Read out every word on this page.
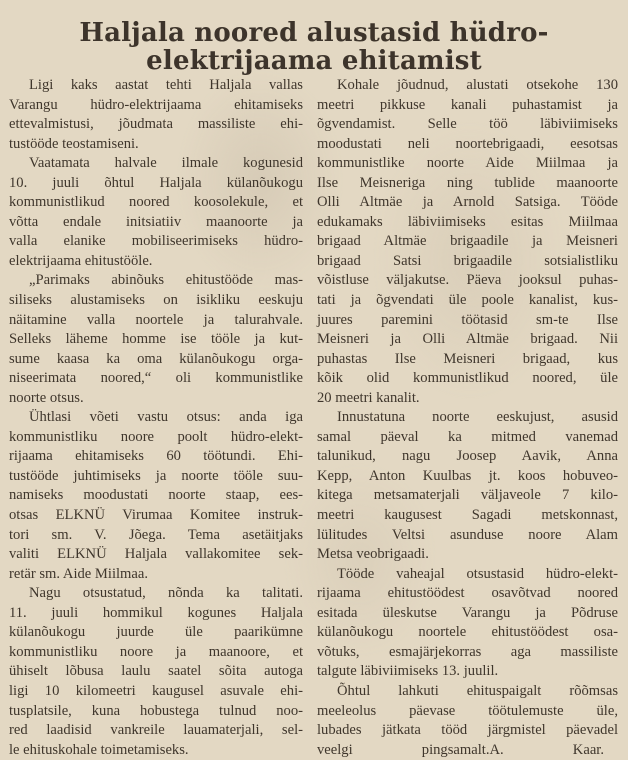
Haljala noored alustasid hüdro-
elektrijaama ehitamist

Ligi kaks aastat tehti Haljala vallas
Varangu hüdro-elektrijaama ehitamiseks
ettevalmistusi, jõudmata massiliste ehi-
tustööde teostamiseni.

Vaatamata halvale ilmale kogunesid
10. juuli õhtul Haljala külanõukogu
kommunistlikud noored koosolekule, et
võtta endale initsiatiiv maanoorte ja
valla elanike mobiliseerimiseks hüdro-
elektrijaama ehitustööle.

„Parimaks abinõuks ehitustööde mas-
siliseks alustamiseks on isikliku eeskuju
näitamine valla noortele ja talurahvale.
Selleks läheme homme ise tööle ja kut-
sume kaasa ka oma külanõukogu orga-
niseerimata noored,“ oli kommunistlike
noorte otsus.

Ühtlasi võeti vastu otsus: anda iga
kommunistliku noore poolt hüdro-elekt-
rijaama ehitamiseks 60 töötundi. Ehi-
tustööde juhtimiseks ja noorte tööle suu-
namiseks moodustati noorte staap, ees-
otsas ELKNÜ Virumaa Komitee instruk-
tori sm. V. Jõega. Tema asetäitjaks
valiti ELKNÜ Haljala vallakomitee sek-
retär sm. Aide Miilmaa.

Nagu otsustatud, nõnda ka talitati.
11. juuli hommikul kogunes Haljala
külanõukogu juurde üle paarikümne
kommunistliku noore ja maanoore, et
ühiselt lõbusa laulu saatel sõita autoga
ligi 10 kilomeetri kaugusel asuvale ehi-
tusplatsile, kuna hobustega tulnud noo-
red laadisid vankreile lauamaterjali, sel-
le ehituskohale toimetamiseks.

Kohale jõudnud, alustati otsekohe 130
meetri pikkuse kanali puhastamist ja
õgvendamist. Selle töö läbiviimiseks
moodustati neli noortebrigaadi, eesotsas
kommunistlike noorte Aide Miilmaa ja
Ilse Meisneriga ning tublide maanoorte
Olli Altmäe ja Arnold Satsiga. Tööde
edukamaks läbiviimiseks esitas Miilmaa
brigaad Altmäe brigaadile ja Meisneri
brigaad Satsi brigaadile sotsialistliku
võistluse väljakutse. Päeva jooksul puhas-
tati ja õgvendati üle poole kanalist, kus-
juures paremini töötasid sm-te Ilse
Meisneri ja Olli Altmäe brigaad. Nii
puhastas Ilse Meisneri brigaad, kus
kõik olid kommunistlikud noored, üle
20 meetri kanalit.

Innustatuna noorte eeskujust, asusid
samal päeval ka mitmed vanemad
talunikud, nagu Joosep Aavik, Anna
Kepp, Anton Kuulbas jt. koos hobuveo-
kitega metsamaterjali väljaveole 7 kilo-
meetri kaugusest Sagadi metskonnast,
lülitudes Veltsi asunduse noore Alam
Metsa veobrigaadi.

Tööde vaheajal otsustasid hüdro-elekt-
rijaama ehitustöödest osavõtvad noored
esitada üleskutse Varangu ja Põdruse
külanõukogu noortele ehitustöödest osa-
võtuks, esmajärjekorras aga massiliste
talgute läbiviimiseks 13. juulil.

Õhtul lahkuti ehituspaigalt rõõmsas
meeleolus päevase töötulemuste üle,
lubades jätkata tööd järgmistel päevadel
veelgi pingsamalt.A. Kaar.
